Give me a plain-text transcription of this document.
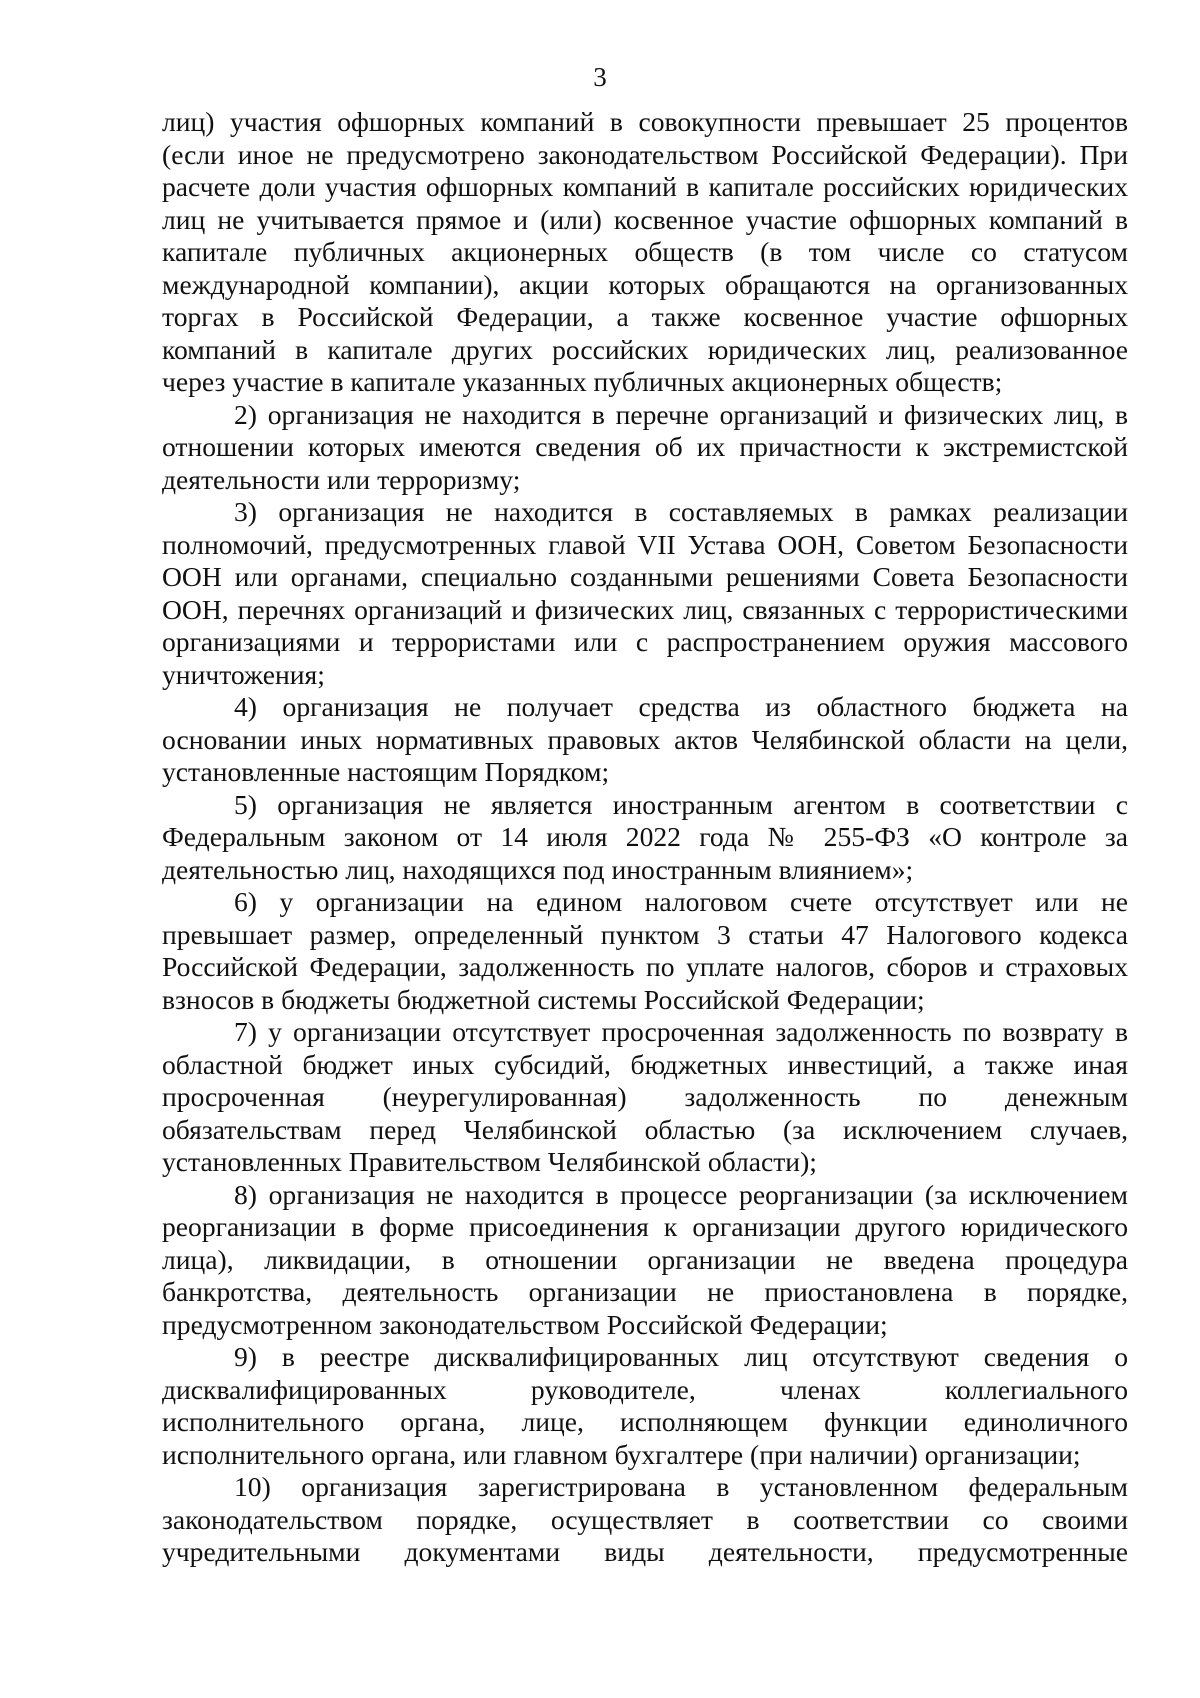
3
лиц) участия офшорных компаний в совокупности превышает 25 процентов
(если иное не предусмотрено законодательством Российской Федерации). При
расчете доли участия офшорных компаний в капитале российских юридических
лиц не учитывается прямое и (или) косвенное участие офшорных компаний в
капитале публичных акционерных обществ (в том числе со статусом
международной компании), акции которых обращаются на организованных
торгах в Российской Федерации, а также косвенное участие офшорных
компаний в капитале других российских юридических лиц, реализованное
через участие в капитале указанных публичных акционерных обществ;
2) организация не находится в перечне организаций и физических лиц, в
отношении которых имеются сведения об их причастности к экстремистской
деятельности или терроризму;
3) организация не находится в составляемых в рамках реализации
полномочий, предусмотренных главой VII Устава ООН, Советом Безопасности
ООН или органами, специально созданными решениями Совета Безопасности
ООН, перечнях организаций и физических лиц, связанных с террористическими
организациями и террористами или с распространением оружия массового
уничтожения;
4) организация не получает средства из областного бюджета на
основании иных нормативных правовых актов Челябинской области на цели,
установленные настоящим Порядком;
5) организация не является иностранным агентом в соответствии с
Федеральным законом от 14 июля 2022 года № 255-ФЗ «О контроле за
деятельностью лиц, находящихся под иностранным влиянием»;
6) у организации на едином налоговом счете отсутствует или не
превышает размер, определенный пунктом 3 статьи 47 Налогового кодекса
Российской Федерации, задолженность по уплате налогов, сборов и страховых
взносов в бюджеты бюджетной системы Российской Федерации;
7) у организации отсутствует просроченная задолженность по возврату в
областной бюджет иных субсидий, бюджетных инвестиций, а также иная
просроченная (неурегулированная) задолженность по денежным
обязательствам перед Челябинской областью (за исключением случаев,
установленных Правительством Челябинской области);
8) организация не находится в процессе реорганизации (за исключением
реорганизации в форме присоединения к организации другого юридического
лица), ликвидации, в отношении организации не введена процедура
банкротства, деятельность организации не приостановлена в порядке,
предусмотренном законодательством Российской Федерации;
9) в реестре дисквалифицированных лиц отсутствуют сведения о
дисквалифицированных руководителе, членах коллегиального
исполнительного органа, лице, исполняющем функции единоличного
исполнительного органа, или главном бухгалтере (при наличии) организации;
10) организация зарегистрирована в установленном федеральным
законодательством порядке, осуществляет в соответствии со своими
учредительными документами виды деятельности, предусмотренные
